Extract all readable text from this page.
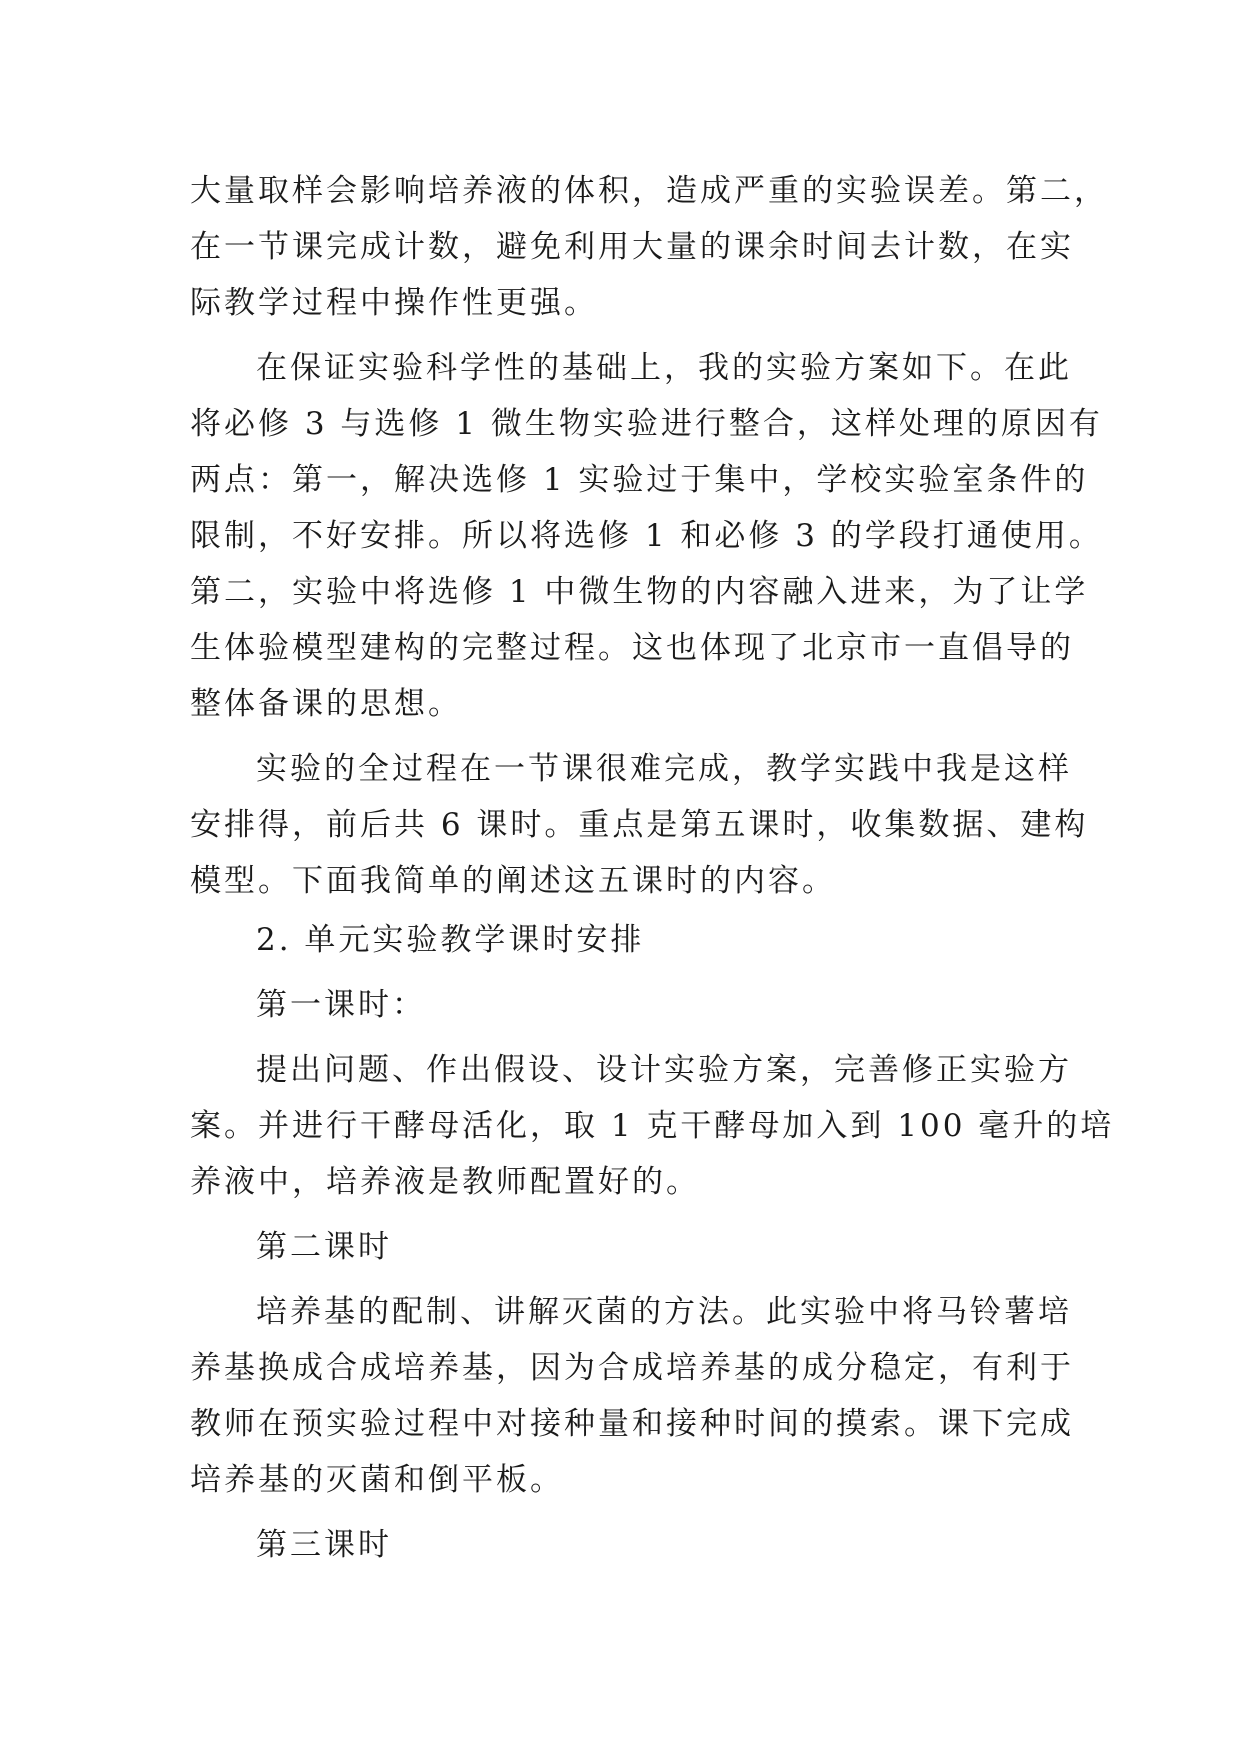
大量取样会影响培养液的体积，造成严重的实验误差。第二，
在一节课完成计数，避免利用大量的课余时间去计数，在实
际教学过程中操作性更强。
在保证实验科学性的基础上，我的实验方案如下。在此
将必修 3 与选修 1 微生物实验进行整合，这样处理的原因有
两点：第一，解决选修 1 实验过于集中，学校实验室条件的
限制，不好安排。所以将选修 1 和必修 3 的学段打通使用。
第二，实验中将选修 1 中微生物的内容融入进来，为了让学
生体验模型建构的完整过程。这也体现了北京市一直倡导的
整体备课的思想。
实验的全过程在一节课很难完成，教学实践中我是这样
安排得，前后共 6 课时。重点是第五课时，收集数据、建构
模型。下面我简单的阐述这五课时的内容。
2. 单元实验教学课时安排
第一课时：
提出问题、作出假设、设计实验方案，完善修正实验方
案。并进行干酵母活化，取 1 克干酵母加入到 100 毫升的培
养液中，培养液是教师配置好的。
第二课时
培养基的配制、讲解灭菌的方法。此实验中将马铃薯培
养基换成合成培养基，因为合成培养基的成分稳定，有利于
教师在预实验过程中对接种量和接种时间的摸索。课下完成
培养基的灭菌和倒平板。
第三课时
